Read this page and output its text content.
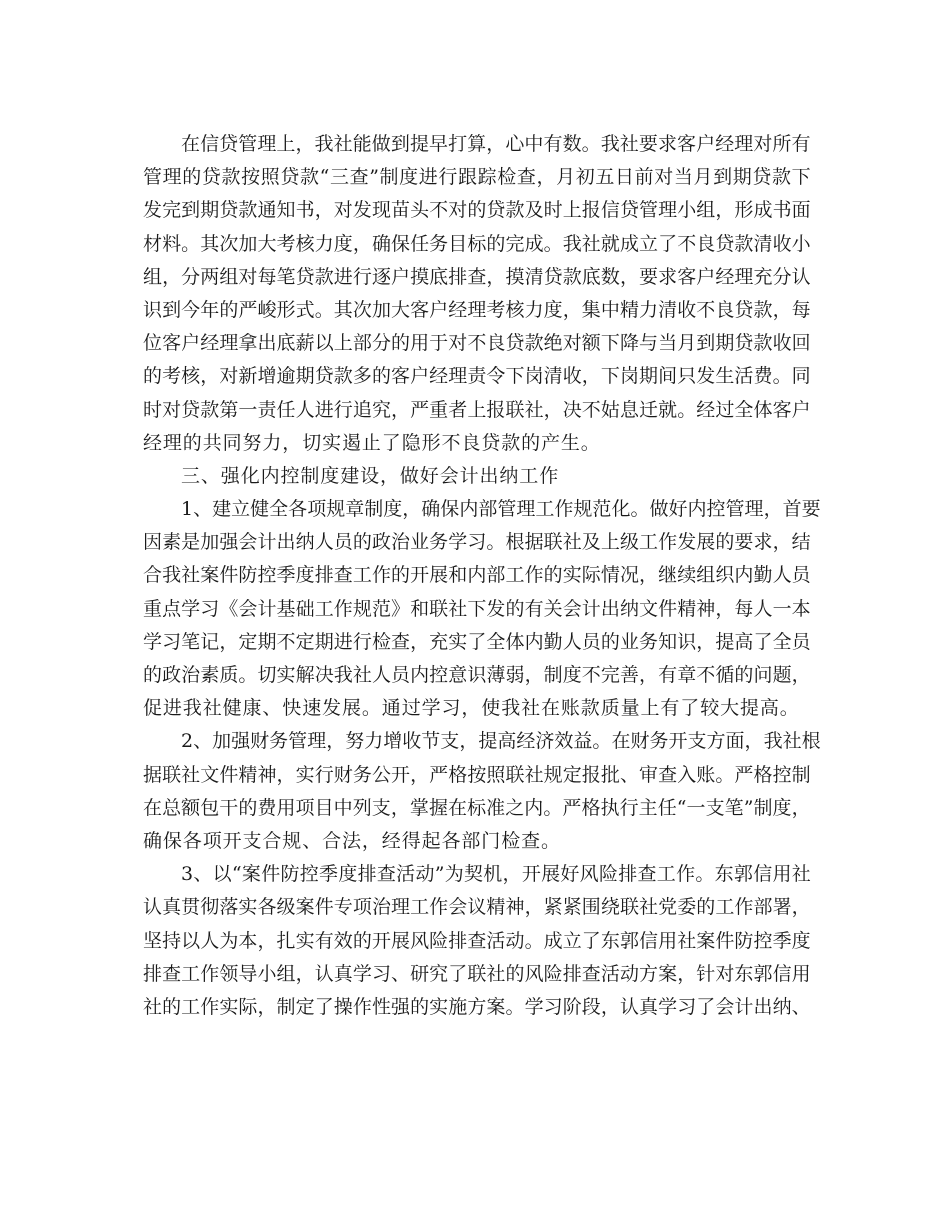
在 信 贷 管 理 上 ， 我 社 能 做 到 提 早 打 算 ， 心 中 有 数 。 我 社 要 求 客 户 经 理 对 所 有
管 理 的 贷 款 按 照 贷 款 “ 三 查 ” 制 度 进 行 跟 踪 检 查 ， 月 初 五 日 前 对 当 月 到 期 贷 款 下
发 完 到 期 贷 款 通 知 书 ， 对 发 现 苗 头 不 对 的 贷 款 及 时 上 报 信 贷 管 理 小 组 ， 形 成 书 面
材 料 。 其 次 加 大 考 核 力 度 ， 确 保 任 务 目 标 的 完 成 。 我 社 就 成 立 了 不 良 贷 款 清 收 小
组 ， 分 两 组 对 每 笔 贷 款 进 行 逐 户 摸 底 排 查 ， 摸 清 贷 款 底 数 ， 要 求 客 户 经 理 充 分 认
识 到 今 年 的 严 峻 形 式 。 其 次 加 大 客 户 经 理 考 核 力 度 ， 集 中 精 力 清 收 不 良 贷 款 ， 每
位 客 户 经 理 拿 出 底 薪 以 上 部 分 的 用 于 对 不 良 贷 款 绝 对 额 下 降 与 当 月 到 期 贷 款 收 回
的 考 核 ， 对 新 增 逾 期 贷 款 多 的 客 户 经 理 责 令 下 岗 清 收 ， 下 岗 期 间 只 发 生 活 费 。 同
时 对 贷 款 第 一 责 任 人 进 行 追 究 ， 严 重 者 上 报 联 社 ， 决 不 姑 息 迁 就 。 经 过 全 体 客 户
经理的共同努力，切实遏止了隐形不良贷款的产生。
三、强化内控制度建设，做好会计出纳工作
1 、 建 立 健 全 各 项 规 章 制 度 ， 确 保 内 部 管 理 工 作 规 范 化 。 做 好 内 控 管 理 ， 首 要
因 素 是 加 强 会 计 出 纳 人 员 的 政 治 业 务 学 习 。 根 据 联 社 及 上 级 工 作 发 展 的 要 求 ， 结
合 我 社 案 件 防 控 季 度 排 查 工 作 的 开 展 和 内 部 工 作 的 实 际 情 况 ， 继 续 组 织 内 勤 人 员
重 点 学 习 《 会 计 基 础 工 作 规 范 》 和 联 社 下 发 的 有 关 会 计 出 纳 文 件 精 神 ， 每 人 一 本
学 习 笔 记 ， 定 期 不 定 期 进 行 检 查 ， 充 实 了 全 体 内 勤 人 员 的 业 务 知 识 ， 提 高 了 全 员
的 政 治 素 质 。 切 实 解 决 我 社 人 员 内 控 意 识 薄 弱 ， 制 度 不 完 善 ， 有 章 不 循 的 问 题 ，
促进我社健康、快速发展。通过学习，使我社在账款质量上有了较大提高。
2 、 加 强 财 务 管 理 ， 努 力 增 收 节 支 ， 提 高 经 济 效 益 。 在 财 务 开 支 方 面 ， 我 社 根
据 联 社 文 件 精 神 ， 实 行 财 务 公 开 ， 严 格 按 照 联 社 规 定 报 批 、 审 查 入 账 。 严 格 控 制
在 总 额 包 干 的 费 用 项 目 中 列 支 ， 掌 握 在 标 准 之 内 。 严 格 执 行 主 任 “ 一 支 笔 ” 制 度 ，
确保各项开支合规、合法，经得起各部门检查。
3 、 以 “ 案 件 防 控 季 度 排 查 活 动 ” 为 契 机 ， 开 展 好 风 险 排 查 工 作 。 东 郭 信 用 社
认 真 贯 彻 落 实 各 级 案 件 专 项 治 理 工 作 会 议 精 神 ， 紧 紧 围 绕 联 社 党 委 的 工 作 部 署 ，
坚 持 以 人 为 本 ， 扎 实 有 效 的 开 展 风 险 排 查 活 动 。 成 立 了 东 郭 信 用 社 案 件 防 控 季 度
排 查 工 作 领 导 小 组 ， 认 真 学 习 、 研 究 了 联 社 的 风 险 排 查 活 动 方 案 ， 针 对 东 郭 信 用
社 的 工 作 实 际 ， 制 定 了 操 作 性 强 的 实 施 方 案 。 学 习 阶 段 ， 认 真 学 习 了 会 计 出 纳 、
